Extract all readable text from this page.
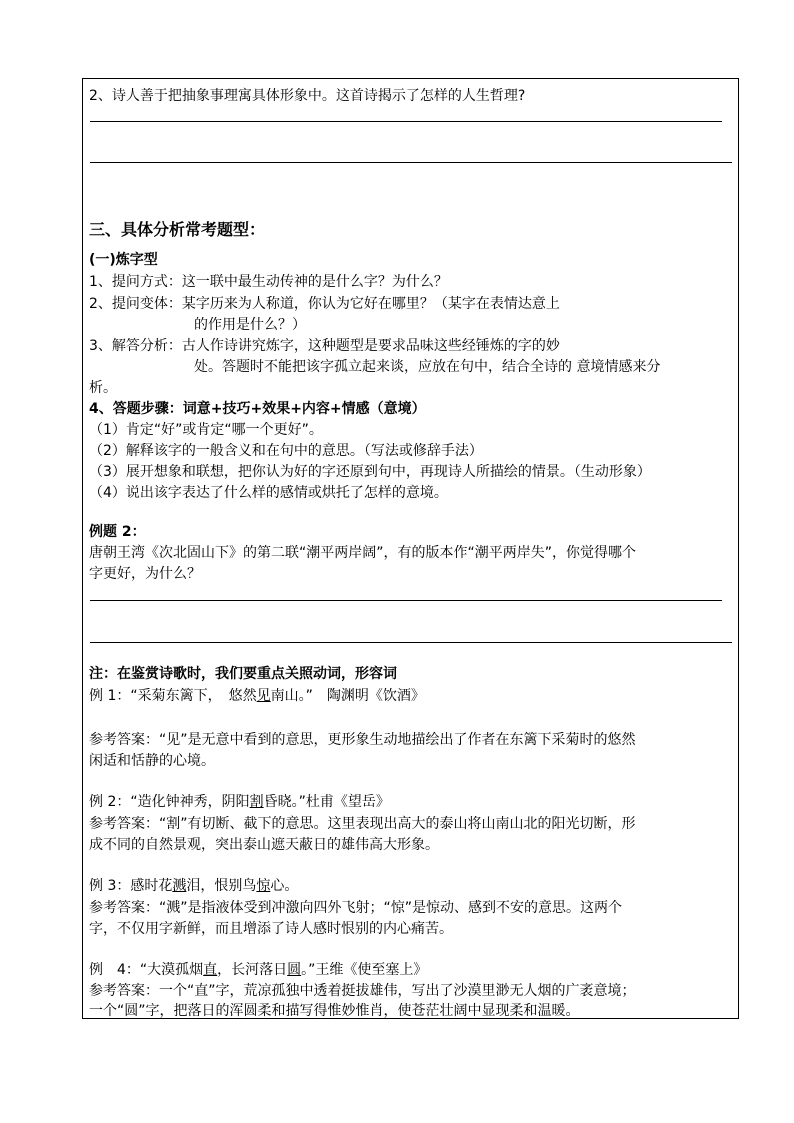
2、诗人善于把抽象事理寓具体形象中。这首诗揭示了怎样的人生哲理?
三、具体分析常考题型：
(一)炼字型
1、提问方式：这一联中最生动传神的是什么字？为什么？
2、提问变体：某字历来为人称道，你认为它好在哪里？（某字在表情达意上
的作用是什么？）
3、解答分析：古人作诗讲究炼字，这种题型是要求品味这些经锤炼的字的妙
处。答题时不能把该字孤立起来谈，应放在句中，结合全诗的 意境情感来分
析。
4、答题步骤：词意+技巧+效果+内容+情感（意境）
（1）肯定“好”或肯定“哪一个更好”。
（2）解释该字的一般含义和在句中的意思。（写法或修辞手法）
（3）展开想象和联想，把你认为好的字还原到句中，再现诗人所描绘的情景。（生动形象）
（4）说出该字表达了什么样的感情或烘托了怎样的意境。
例题 2：
唐朝王湾《次北固山下》的第二联“潮平两岸阔”，有的版本作“潮平两岸失”，你觉得哪个
字更好，为什么？
注：在鉴赏诗歌时，我们要重点关照动词，形容词
例 1：“采菊东篱下，　悠然见南山。”　陶渊明《饮酒》
参考答案：“见”是无意中看到的意思，更形象生动地描绘出了作者在东篱下采菊时的悠然
闲适和恬静的心境。
例 2：“造化钟神秀，阴阳割昏晓。”杜甫《望岳》
参考答案：“割”有切断、截下的意思。这里表现出高大的泰山将山南山北的阳光切断，形
成不同的自然景观，突出泰山遮天蔽日的雄伟高大形象。
例 3：感时花溅泪，恨别鸟惊心。
参考答案：“溅”是指液体受到冲激向四外飞射；“惊”是惊动、感到不安的意思。这两个
字，不仅用字新鲜，而且增添了诗人感时恨别的内心痛苦。
例　4：“大漠孤烟直，长河落日圆。”王维《使至塞上》
参考答案：一个“直”字，荒凉孤独中透着挺拔雄伟，写出了沙漠里渺无人烟的广袤意境；
一个“圆”字，把落日的浑圆柔和描写得惟妙惟肖，使苍茫壮阔中显现柔和温暖。
